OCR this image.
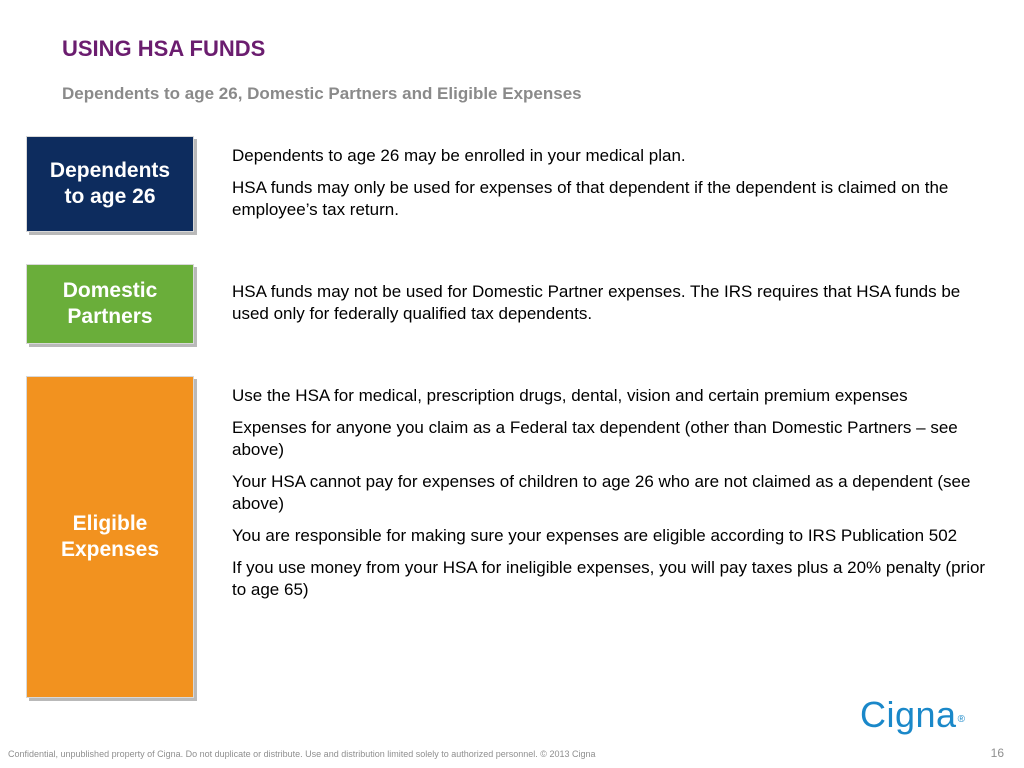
USING HSA FUNDS
Dependents to age 26, Domestic Partners and Eligible Expenses
Dependents
to age 26
Dependents to age 26 may be enrolled in your medical plan.
HSA funds may only be used for expenses of that dependent if the dependent is claimed on the employee’s tax return.
Domestic
Partners
HSA funds may not be used for Domestic Partner expenses. The IRS requires that HSA funds be used only for federally qualified tax dependents.
Eligible
Expenses
Use the HSA for medical, prescription drugs, dental, vision and certain premium expenses
Expenses for anyone you claim as a Federal tax dependent (other than Domestic Partners – see above)
Your HSA cannot pay for expenses of children to age 26 who are not claimed as a dependent (see above)
You are responsible for making sure your expenses are eligible according to IRS Publication 502
If you use money from your HSA for ineligible expenses, you will pay taxes plus a 20% penalty (prior to age 65)
Cigna®
Confidential, unpublished property of Cigna. Do not duplicate or distribute. Use and distribution limited solely to authorized personnel. © 2013 Cigna	16
